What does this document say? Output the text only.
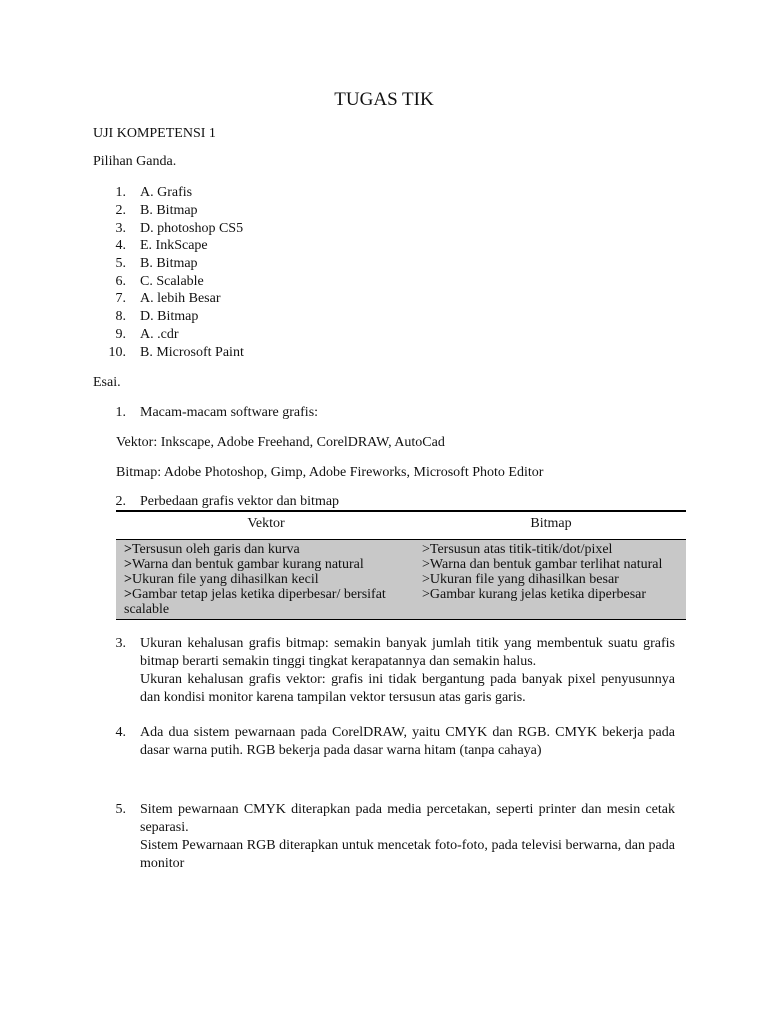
TUGAS TIK
UJI KOMPETENSI 1
Pilihan Ganda.
1. A. Grafis
2. B. Bitmap
3. D. photoshop CS5
4. E. InkScape
5. B. Bitmap
6. C. Scalable
7. A. lebih Besar
8. D. Bitmap
9. A. .cdr
10. B. Microsoft Paint
Esai.
1. Macam-macam software grafis:
Vektor: Inkscape, Adobe Freehand, CorelDRAW, AutoCad
Bitmap: Adobe Photoshop, Gimp, Adobe Fireworks, Microsoft Photo Editor
2. Perbedaan grafis vektor dan bitmap
Vektor	Bitmap
>Tersusun oleh garis dan kurva
>Warna dan bentuk gambar kurang natural
>Ukuran file yang dihasilkan kecil
>Gambar tetap jelas ketika diperbesar/ bersifat
scalable
>Tersusun atas titik-titik/dot/pixel
>Warna dan bentuk gambar terlihat natural
>Ukuran file yang dihasilkan besar
>Gambar kurang jelas ketika diperbesar
3. Ukuran kehalusan grafis bitmap: semakin banyak jumlah titik yang membentuk suatu grafis bitmap berarti semakin tinggi tingkat kerapatannya dan semakin halus.
Ukuran kehalusan grafis vektor: grafis ini tidak bergantung pada banyak pixel penyusunnya dan kondisi monitor karena tampilan vektor tersusun atas garis garis.
4. Ada dua sistem pewarnaan pada CorelDRAW, yaitu CMYK dan RGB. CMYK bekerja pada dasar warna putih. RGB bekerja pada dasar warna hitam (tanpa cahaya)
5. Sitem pewarnaan CMYK diterapkan pada media percetakan, seperti printer dan mesin cetak separasi.
Sistem Pewarnaan RGB diterapkan untuk mencetak foto-foto, pada televisi berwarna, dan pada monitor
